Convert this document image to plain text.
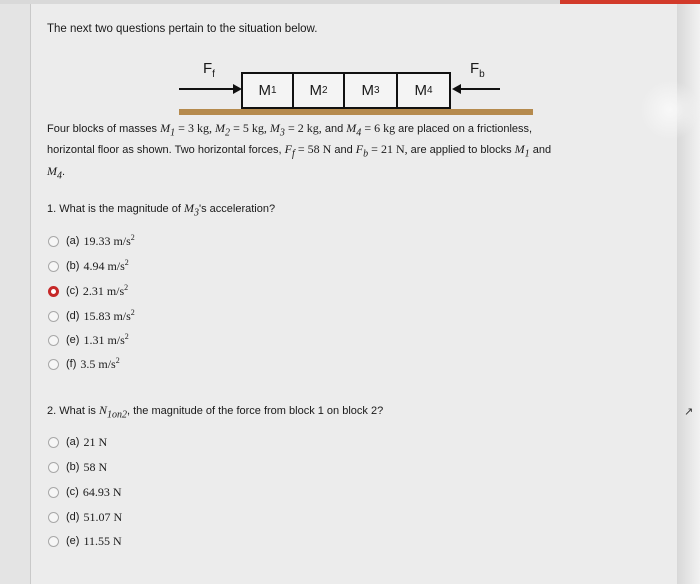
The next two questions pertain to the situation below.
$F_f$
M 1 M 2 M 3 M 4
$F_b$
Four blocks of masses $M_1 = 3$ kg, $M_2 = 5$ kg, $M_3 = 2$ kg, and $M_4 = 6$ kg are placed on a frictionless,
horizontal floor as shown. Two horizontal forces, $F_f = 58$ N and $F_b = 21$ N, are applied to blocks $M_1$ and
$M_4$.
1. What is the magnitude of $M_3's$ acceleration?
(a) 19.33 $m/s^2$
(b) 4.94 $m/s^2$
(c) 2.31 $m/s^2$
(d) 15.83 $m/s^2$
(e) 1.31 $m/s^2$
(f) 3.5 $m/s^2$
2. What is $N_{1on2}$, the magnitude of the force from block 1 on block 2?
(a) 21 N
(b) 58 N
(c) 64.93 N
(d) 51.07 N
(e) 11.55 N
↗
